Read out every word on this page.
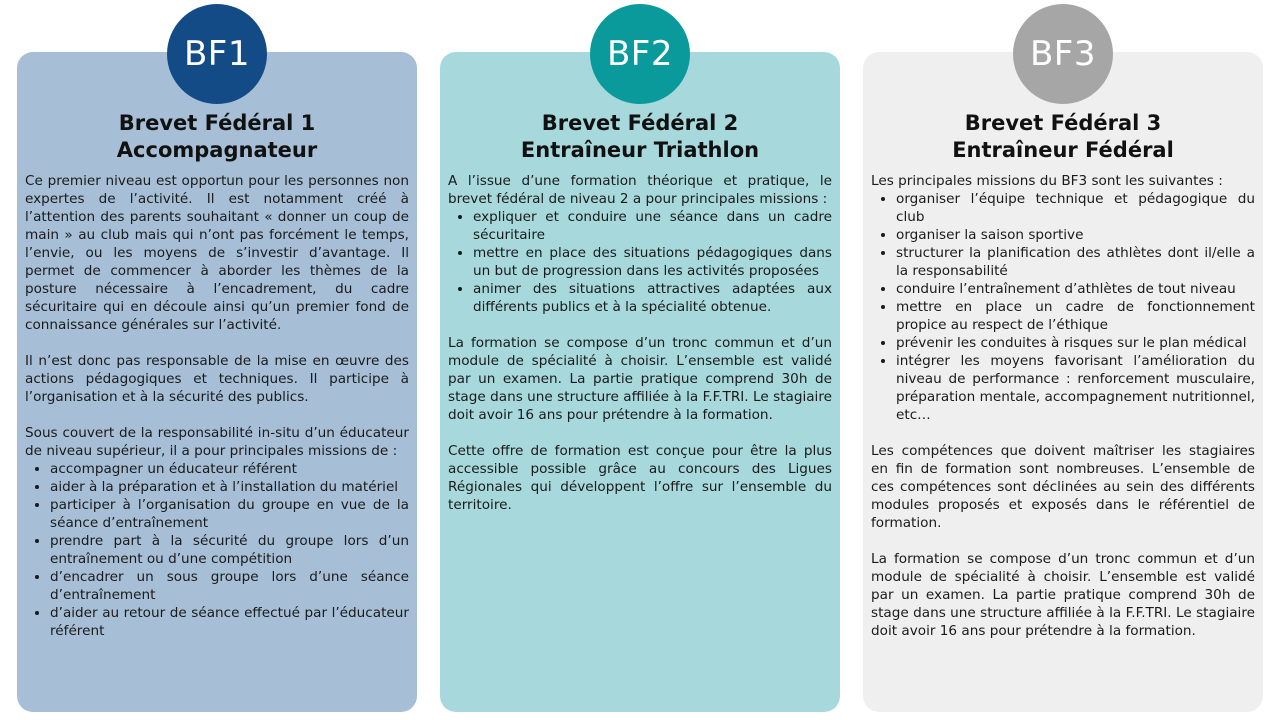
Brevet Fédéral 1
Accompagnateur

Ce premier niveau est opportun pour les personnes non expertes de l’activité. Il est notamment créé à l’attention des parents souhaitant « donner un coup de main » au club mais qui n’ont pas forcément le temps, l’envie, ou les moyens de s’investir d’avantage. Il permet de commencer à aborder les thèmes de la posture nécessaire à l’encadrement, du cadre sécuritaire qui en découle ainsi qu’un premier fond de connaissance générales sur l’activité.

Il n’est donc pas responsable de la mise en œuvre des actions pédagogiques et techniques. Il participe à l’organisation et à la sécurité des publics.

Sous couvert de la responsabilité in-situ d’un éducateur de niveau supérieur, il a pour principales missions de :

• accompagner un éducateur référent
• aider à la préparation et à l’installation du matériel
• participer à l’organisation du groupe en vue de la séance d’entraînement
• prendre part à la sécurité du groupe lors d’un entraînement ou d’une compétition
• d’encadrer un sous groupe lors d’une séance d’entraînement
• d’aider au retour de séance effectué par l’éducateur référent
Brevet Fédéral 2
Entraîneur Triathlon

A l’issue d’une formation théorique et pratique, le brevet fédéral de niveau 2 a pour principales missions :

• expliquer et conduire une séance dans un cadre sécuritaire
• mettre en place des situations pédagogiques dans un but de progression dans les activités proposées
• animer des situations attractives adaptées aux différents publics et à la spécialité obtenue.

La formation se compose d’un tronc commun et d’un module de spécialité à choisir. L’ensemble est validé par un examen. La partie pratique comprend 30h de stage dans une structure affiliée à la F.F.TRI. Le stagiaire doit avoir 16 ans pour prétendre à la formation.

Cette offre de formation est conçue pour être la plus accessible possible grâce au concours des Ligues Régionales qui développent l’offre sur l’ensemble du territoire.

Brevet Fédéral 3
Entraîneur Fédéral

Les principales missions du BF3 sont les suivantes :

• organiser l’équipe technique et pédagogique du club
• organiser la saison sportive
• structurer la planification des athlètes dont il/elle a la responsabilité
• conduire l’entraînement d’athlètes de tout niveau
• mettre en place un cadre de fonctionnement propice au respect de l’éthique
• prévenir les conduites à risques sur le plan médical
• intégrer les moyens favorisant l’amélioration du niveau de performance : renforcement musculaire, préparation mentale, accompagnement nutritionnel, etc…

Les compétences que doivent maîtriser les stagiaires en fin de formation sont nombreuses. L’ensemble de ces compétences sont déclinées au sein des différents modules proposés et exposés dans le référentiel de formation.

La formation se compose d’un tronc commun et d’un module de spécialité à choisir. L’ensemble est validé par un examen. La partie pratique comprend 30h de stage dans une structure affiliée à la F.F.TRI. Le stagiaire doit avoir 16 ans pour prétendre à la formation.

BF1	BF2	BF3
